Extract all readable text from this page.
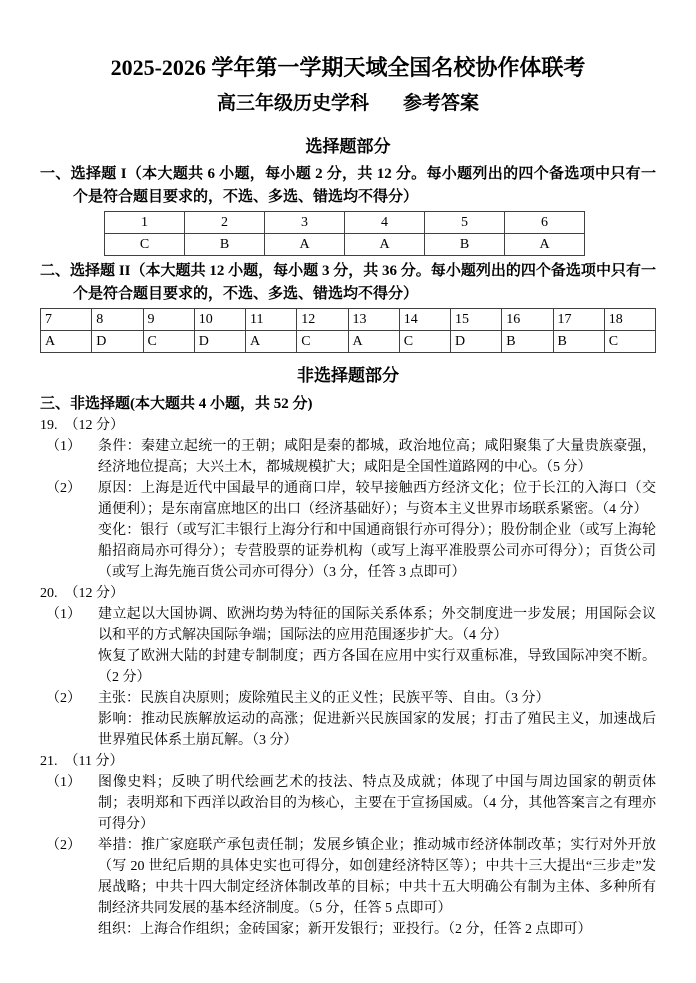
2025-2026 学年第一学期天域全国名校协作体联考
高三年级历史学科 参考答案
选择题部分
一、选择题 I（本大题共 6 小题，每小题 2 分，共 12 分。每小题列出的四个备选项中只有一个是符合题目要求的，不选、多选、错选均不得分）
1	2	3	4	5	6
C	B	A	A	B	A
二、选择题 II（本大题共 12 小题，每小题 3 分，共 36 分。每小题列出的四个备选项中只有一个是符合题目要求的，不选、多选、错选均不得分）
7	8	9	10	11	12	13	14	15	16	17	18
A	D	C	D	A	C	A	C	D	B	B	C
非选择题部分
三、非选择题(本大题共 4 小题，共 52 分)
19. （12 分）
（1） 条件：秦建立起统一的王朝；咸阳是秦的都城，政治地位高；咸阳聚集了大量贵族豪强，经济地位提高；大兴土木，都城规模扩大；咸阳是全国性道路网的中心。（5 分）
（2） 原因：上海是近代中国最早的通商口岸，较早接触西方经济文化；位于长江的入海口（交通便利）；是东南富庶地区的出口（经济基础好）；与资本主义世界市场联系紧密。（4 分）
变化：银行（或写汇丰银行上海分行和中国通商银行亦可得分）；股份制企业（或写上海轮船招商局亦可得分）；专营股票的证券机构（或写上海平准股票公司亦可得分）；百货公司（或写上海先施百货公司亦可得分）（3 分，任答 3 点即可）
20. （12 分）
（1） 建立起以大国协调、欧洲均势为特征的国际关系体系；外交制度进一步发展；用国际会议以和平的方式解决国际争端；国际法的应用范围逐步扩大。（4 分）
恢复了欧洲大陆的封建专制制度；西方各国在应用中实行双重标准，导致国际冲突不断。（2 分）
（2） 主张：民族自决原则；废除殖民主义的正义性；民族平等、自由。（3 分）
影响：推动民族解放运动的高涨；促进新兴民族国家的发展；打击了殖民主义，加速战后世界殖民体系土崩瓦解。（3 分）
21. （11 分）
（1） 图像史料；反映了明代绘画艺术的技法、特点及成就；体现了中国与周边国家的朝贡体制；表明郑和下西洋以政治目的为核心，主要在于宣扬国威。（4 分，其他答案言之有理亦可得分）
（2） 举措：推广家庭联产承包责任制；发展乡镇企业；推动城市经济体制改革；实行对外开放（写 20 世纪后期的具体史实也可得分，如创建经济特区等）；中共十三大提出“三步走”发展战略；中共十四大制定经济体制改革的目标；中共十五大明确公有制为主体、多种所有制经济共同发展的基本经济制度。（5 分，任答 5 点即可）
组织：上海合作组织；金砖国家；新开发银行；亚投行。（2 分，任答 2 点即可）
